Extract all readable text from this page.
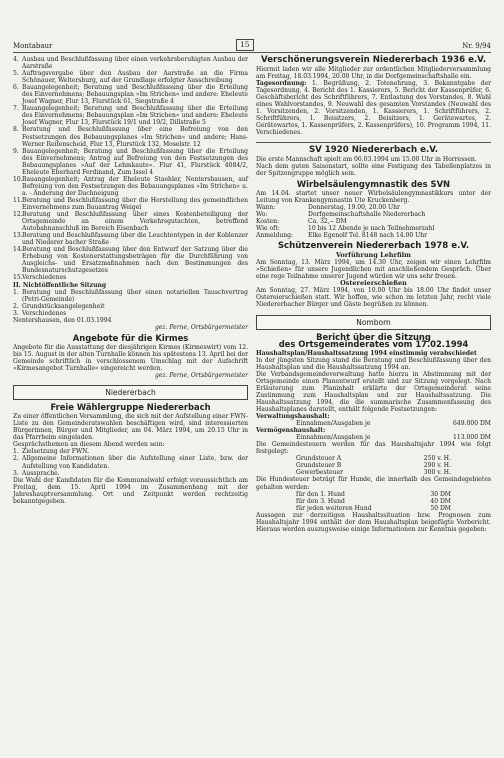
Montabaur	15	Nr. 9/94
4. Ausbau und Beschlußfassung über einen verkehrsberuhigten Ausbau der Aarstraße
5. Auftragsvergabe über den Ausbau der Aarstraße an die Firma Schönauer, Weltersburg, auf der Grundlage erfolgter Ausschreibung
6. Bauangelegenheit; Beratung und Beschlußfassung über die Erteilung des Einvernehmens; Bebauungsplan »Im Strichen« und andere: Eheleute Josef Wagner, Flur 13, Flurstück 61, Siegstraße 4
7. Bauangelegenheit; Beratung und Beschlußfassung über die Erteilung des Einvernehmens; Bebauungsplan »Im Strichen« und andere: Eheleute Josef Wagner, Flur 13, Flurstück 19/1 und 19/2, Dillstraße 5
8. Beratung und Beschlußfassung über eine Befreiung von den Festsetzungen des Bebauungsplanes »Im Strichen« und andere; Hans-Werner Reifenscheid, Flur 13, Flurstück 132, Moselstr. 12
9. Bauangelegenheit; Beratung und Beschlußfassung über die Erteilung des Einvernehmens; Antrag auf Befreiung von den Festsetzungen des Bebauungsplanes »Auf der Lehmkaute«. Flur 41, Flurstück 4084/2, Eheleute Eberhard Ferdinand, Zum Issel 4
10. Bauangelegenheit; Antrag der Eheleute Staehler, Nentershausen, auf Befreiung von den Festsetzungen des Bebauungsplanes »Im Strichen« u. a. - Änderung der Dachneigung
11. Beratung und Beschlußfassung über die Herstellung des gemeindlichen Einvernehmens zum Bauantrag Weigel
12. Beratung und Beschlußfassung über eines Kostenbeteiligung der Ortsgemeinde an einem Verkehrsgutachten, betreffend Autobahnanschluß im Bereich Eisenbach
13. Beratung und Beschlußfassung über die Leuchtentypen in der Koblenzer und Niederer bacher Straße
14. Beratung und Beschlußfassung über den Entwurf der Satzung über die Erhebung von Kostenerstattungsbeträgen für die Durchführung von Ausgleichs- und Ersatzmaßnahmen nach den Bestimmungen des Bundesnaturschutzgesetzes
15. Verschiedenes
II. Nichtöffentliche Sitzung
1. Beratung und Beschlußfassung über einen notariellen Tauschvertrag (Petri-Gemeinde)
2. Grundstücksangelegenheit
3. Verschiedenes
Nentershausen, den 01.03.1994
gez. Perne, Ortsbürgermeister
Angebote für die Kirmes

Angebote für die Ausstattung der diesjährigen Kirmes (Kirmeswirt) vom 12. bis 15. August in der alten Turnhalle können bis spätestens 13. April bei der Gemeinde schriftlich in verschlossenem Umschlag mit der Aufschrift »Kirmesangebot Turnhalle« eingereicht werden.

gez. Perne, Ortsbürgermeister
Niedererbach
Freie Wählergruppe Niedererbach

Zu einer öffentlichen Versammlung, die sich mit der Aufstellung einer FWN-Liste zu den Gemeinderatswahlen beschäftigen wird, sind interessierten Bürgerinnen, Bürger und Mitglieder, am 04. März 1994, um 20.15 Uhr in das Pfarrheim eingeladen.

Gesprächsthemen an diesem Abend werden sein:

1. Zielsetzung der FWN.
2. Allgemeine Informationen über die Aufstellung einer Liste, bzw. der Aufstellung von Kandidaten.
3. Aussprache.

Die Wahl der Kandidaten für die Kommunalwahl erfolgt voraussichtlich am Freitag, dem 15. April 1994 im Zusammenhang mit der Jahreshauptversammlung. Ort und Zeitpunkt werden rechtzeitig bekanntgegeben.

Verschönerungsverein Niedererbach 1936 e.V.

Hiermit laden wir alle Mitglieder zur ordentlichen Mitgliederversammlung am Freitag, 18.03.1994, 20.00 Uhr, in die Dorfgemeinschaftshalle ein.

Tagesordnung: 1. Begrüßung, 2. Totenehrung, 3. Bekanntgabe der Tagesordnung, 4. Bericht des 1. Kassierers, 5. Bericht der Kassenprüfer, 6. Geschäftsbericht des Schriftführers, 7. Entlastung des Vorstandes, 8. Wahl eines Wahlvorstandes, 9. Neuwahl des gesamten Vorstandes (Neuwahl des 1. Vorsitzenden, 2. Vorsitzenden, 1. Kassierers, 1. Schriftführers, 2. Schriftführers, 1. Beisitzers, 2. Beisitzers, 1. Gerätewartes, 2. Gerätewartes, 1. Kassenprüfers, 2. Kassenprüfers), 10. Programm 1994, 11. Verschiedenes.

SV 1920 Niedererbach e.V.

Die erste Mannschaft spielt am 06.03.1994 um 15.00 Uhr in Horressen.

Nach dem guten Saisonstart, sollte eine Festigung des Tabellenplatzes in der Spitzengruppe möglich sein.

Wirbelsäulengymnastik des SVN

Am 14.04. startet unser neuer Wirbelsäulengymnastikkurs unter der Leitung von Krankengymnastin Ute Kruckenberg.

Wann:	Donnerstag, 19.00, 20.00 Uhr
Wo:	Dorfgemeinschaftshalle Niedererbach
Kosten:	Ca. 32,-- DM
Wie oft:	10 bis 12 Abende je nach Teilnehmerzahl
Anmeldung:	Elke Egenolf Tel. 8148 nach 14.00 Uhr
Schützenverein Niedererbach 1978 e.V.
Vorführung Lehrfilm

Am Sonntag, 13. März 1994, um 14.30 Uhr, zeigen wir einen Lehrfilm »Schießen« für unsere Jugendlichen mit anschließendem Gespräch. Über eine rege Teilnahme unserer Jugend würden wir uns sehr freuen.

Ostereierschießen

Am Sonntag, 27. März 1994, von 10.00 Uhr bis 18.00 Uhr findet unser Ostereierschießen statt. Wir hoffen, wie schon im letzten Jahr, recht viele Niedererbacher Bürger und Gäste begrüßen zu können.

Nomborn
Bericht über die Sitzung
des Ortsgemeinderates vom 17.02.1994

Haushaltsplan/Haushaltssatzung 1994 einstimmig verabschiedet

In der jüngsten Sitzung stand die Beratung und Beschlußfassung über den Haushaltsplan und die Haushaltssatzung 1994 an.

Die Verbandsgemeindeverwaltung hatte hierzu in Abstimmung mit der Ortsgemeinde einen Planentwurf erstellt und zur Sitzung vorgelegt. Nach Erläuterung zum Planinhalt erklärte der Ortsgemeinderat seine Zustimmung zum Haushaltsplan und zur Haushaltssatzung. Die Haushaltssatzung 1994, die die summarische Zusammenfassung des Haushaltsplanes darstellt, enthält folgende Festsetzungen:

Verwaltungshaushalt:
Einnahmen/Ausgaben je	649.000 DM
Vermögenshaushalt:
Einnahmen/Ausgaben je	113.000 DM

Die Gemeindesteuern werden für das Haushaltsjahr 1994 wie folgt festgelegt:

Grundsteuer A	250 v. H.
Grundsteuer B	290 v. H.
Gewerbesteuer	300 v. H.

Die Hundesteuer beträgt für Hunde, die innerhalb des Gemeindegebietes gehalten werden:

für den 1. Hund	30 DM
für den 3. Hund	40 DM
für jeden weiteren Hund	50 DM

Aussagen zur derzeitigen Haushaltssituation bzw. Prognosen zum Haushaltsjahr 1994 enthält der dem Haushaltsplan beigefügte Vorbericht. Hieraus werden auszugsweise einige Informationen zur Kenntnis gegeben:
